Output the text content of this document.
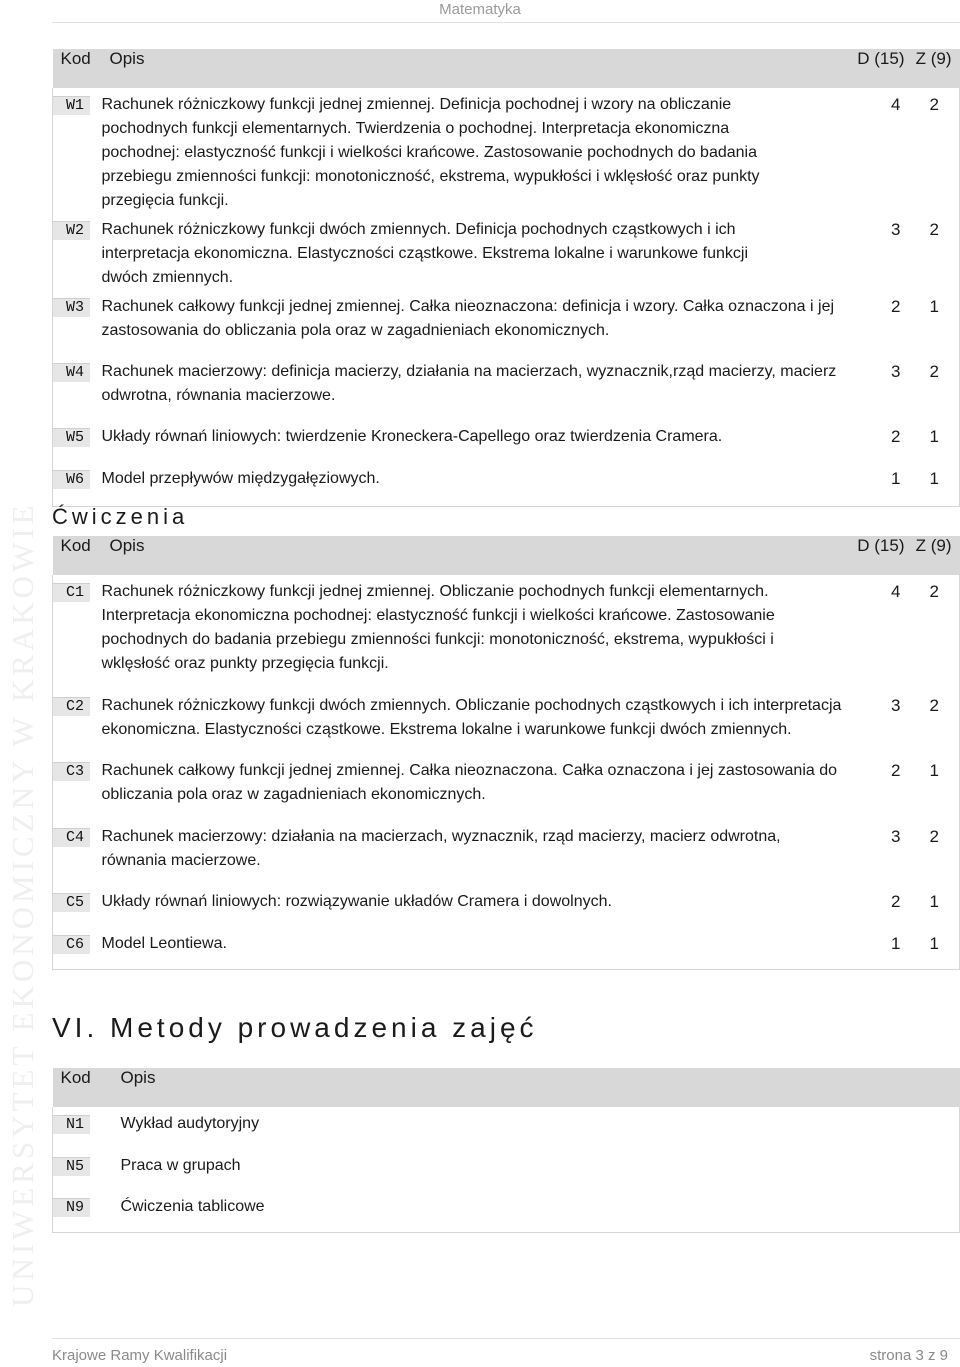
Matematyka
UNIWERSYTET EKONOMICZNY W KRAKOWIE
Kod	Opis	D (15)	Z (9)
W1	Rachunek różniczkowy funkcji jednej zmiennej. Definicja pochodnej i wzory na obliczanie pochodnych funkcji elementarnych. Twierdzenia o pochodnej. Interpretacja ekonomiczna pochodnej: elastyczność funkcji i wielkości krańcowe. Zastosowanie pochodnych do badania przebiegu zmienności funkcji: monotoniczność, ekstrema, wypukłości i wklęsłość oraz punkty przegięcia funkcji.	4	2

W2	Rachunek różniczkowy funkcji dwóch zmiennych. Definicja pochodnych cząstkowych i ich interpretacja ekonomiczna. Elastyczności cząstkowe. Ekstrema lokalne i warunkowe funkcji dwóch zmiennych.	3	2

W3	Rachunek całkowy funkcji jednej zmiennej. Całka nieoznaczona: definicja i wzory. Całka oznaczona i jej zastosowania do obliczania pola oraz w zagadnieniach ekonomicznych.	2	1

W4	Rachunek macierzowy: definicja macierzy, działania na macierzach, wyznacznik,rząd macierzy, macierz odwrotna, równania macierzowe.	3	2

W5	Układy równań liniowych: twierdzenie Kroneckera-Capellego oraz twierdzenia Cramera.	2	1

W6	Model przepływów międzygałęziowych.	1	1
Ćwiczenia
Kod	Opis	D (15)	Z (9)
C1	Rachunek różniczkowy funkcji jednej zmiennej. Obliczanie pochodnych funkcji elementarnych. Interpretacja ekonomiczna pochodnej: elastyczność funkcji i wielkości krańcowe. Zastosowanie pochodnych do badania przebiegu zmienności funkcji: monotoniczność, ekstrema, wypukłości i wklęsłość oraz punkty przegięcia funkcji.	4	2

C2	Rachunek różniczkowy funkcji dwóch zmiennych. Obliczanie pochodnych cząstkowych i ich interpretacja ekonomiczna. Elastyczności cząstkowe. Ekstrema lokalne i warunkowe funkcji dwóch zmiennych.	3	2

C3	Rachunek całkowy funkcji jednej zmiennej. Całka nieoznaczona. Całka oznaczona i jej zastosowania do obliczania pola oraz w zagadnieniach ekonomicznych.	2	1

C4	Rachunek macierzowy: działania na macierzach, wyznacznik, rząd macierzy, macierz odwrotna, równania macierzowe.	3	2

C5	Układy równań liniowych: rozwiązywanie układów Cramera i dowolnych.	2	1

C6	Model Leontiewa.	1	1
VI. Metody prowadzenia zajęć
Kod	Opis
N1	Wykład audytoryjny

N5	Praca w grupach

N9	Ćwiczenia tablicowe
Krajowe Ramy Kwalifikacji	strona 3 z 9
